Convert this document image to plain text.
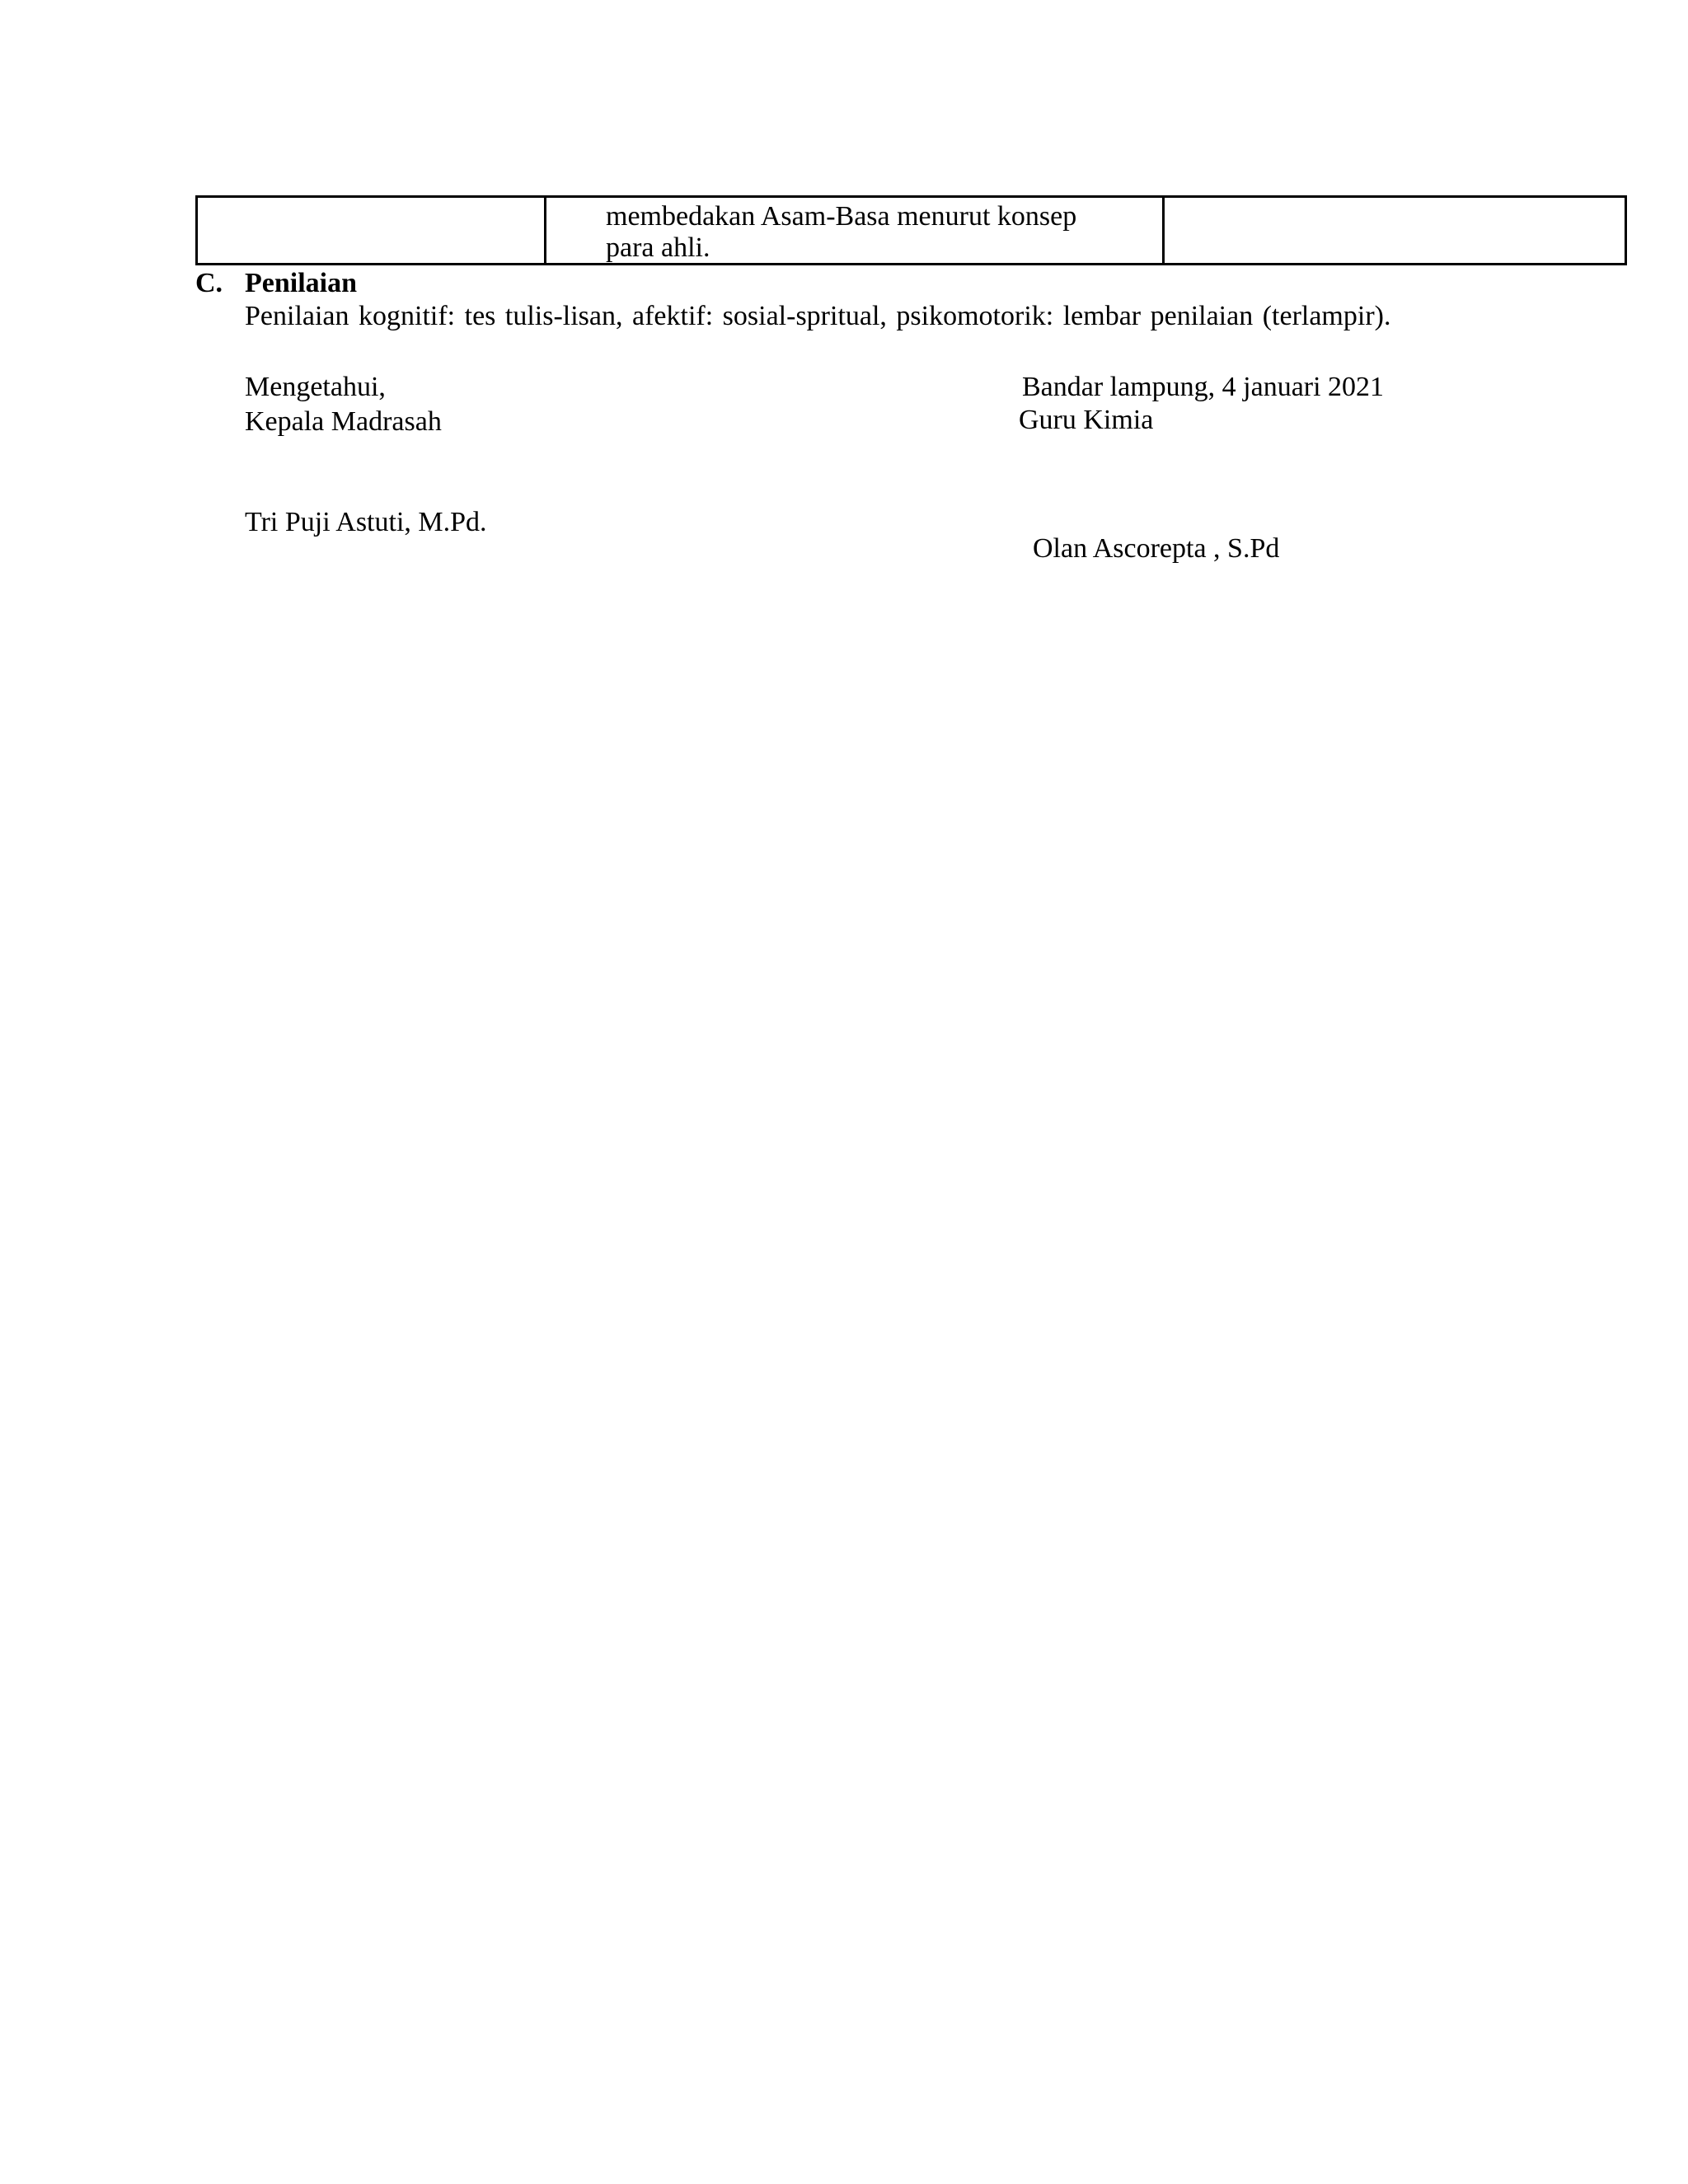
membedakan Asam-Basa menurut konsep
para ahli.
C. Penilaian
Penilaian kognitif: tes tulis-lisan, afektif: sosial-spritual, psikomotorik: lembar penilaian (terlampir).
Mengetahui,
Kepala Madrasah
Tri Puji Astuti, M.Pd.
Bandar lampung, 4 januari 2021
Guru Kimia
Olan Ascorepta , S.Pd
